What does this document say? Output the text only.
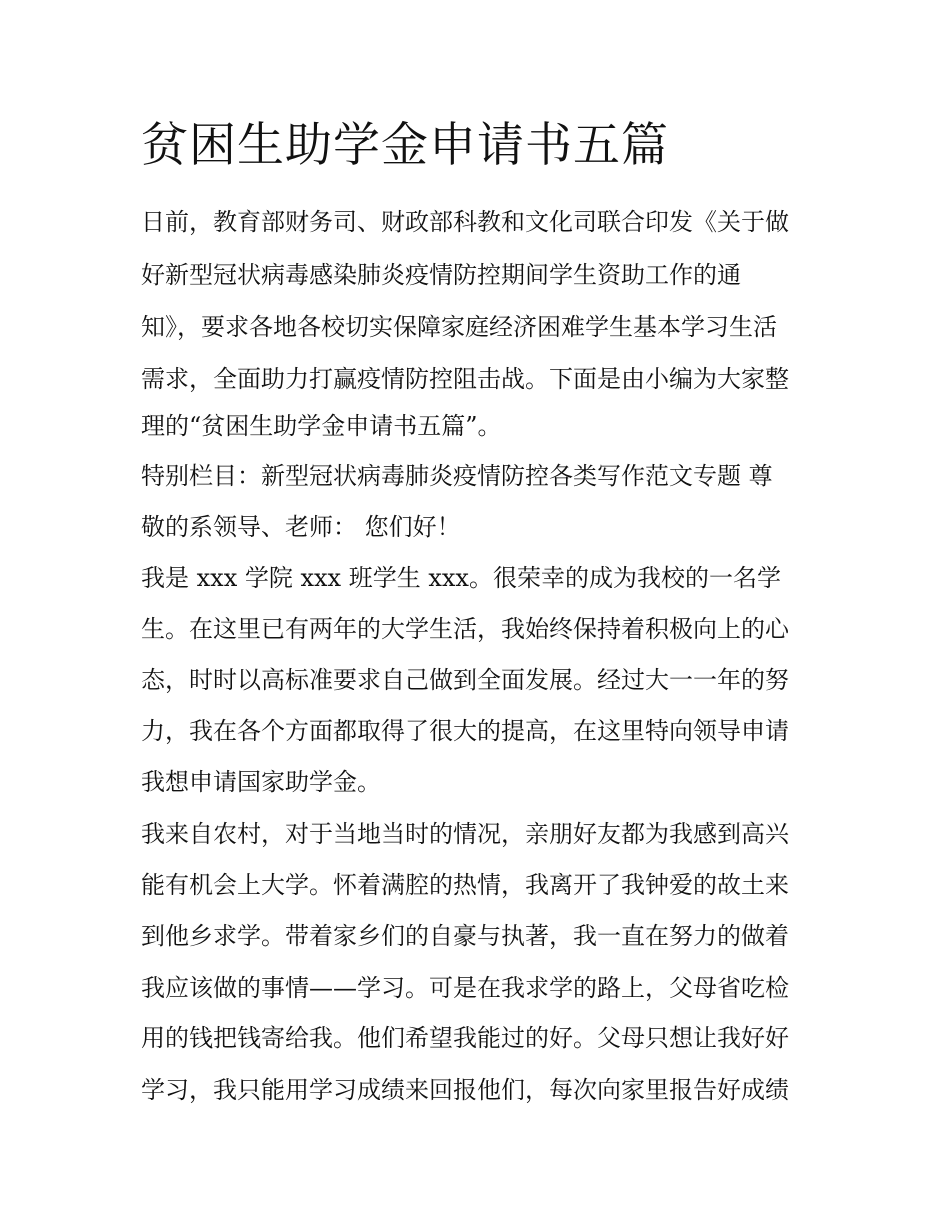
贫困生助学金申请书五篇
日前，教育部财务司、财政部科教和文化司联合印发《关于做
好新型冠状病毒感染肺炎疫情防控期间学生资助工作的通
知》，要求各地各校切实保障家庭经济困难学生基本学习生活
需求，全面助力打赢疫情防控阻击战。下面是由小编为大家整
理的“贫困生助学金申请书五篇”。
特别栏目：新型冠状病毒肺炎疫情防控各类写作范文专题 尊
敬的系领导、老师： 您们好！
我是 xxx 学院 xxx 班学生 xxx。很荣幸的成为我校的一名学
生。在这里已有两年的大学生活，我始终保持着积极向上的心
态，时时以高标准要求自己做到全面发展。经过大一一年的努
力，我在各个方面都取得了很大的提高，在这里特向领导申请
我想申请国家助学金。
我来自农村，对于当地当时的情况，亲朋好友都为我感到高兴
能有机会上大学。怀着满腔的热情，我离开了我钟爱的故土来
到他乡求学。带着家乡们的自豪与执著，我一直在努力的做着
我应该做的事情——学习。可是在我求学的路上，父母省吃检
用的钱把钱寄给我。他们希望我能过的好。父母只想让我好好
学习，我只能用学习成绩来回报他们，每次向家里报告好成绩
